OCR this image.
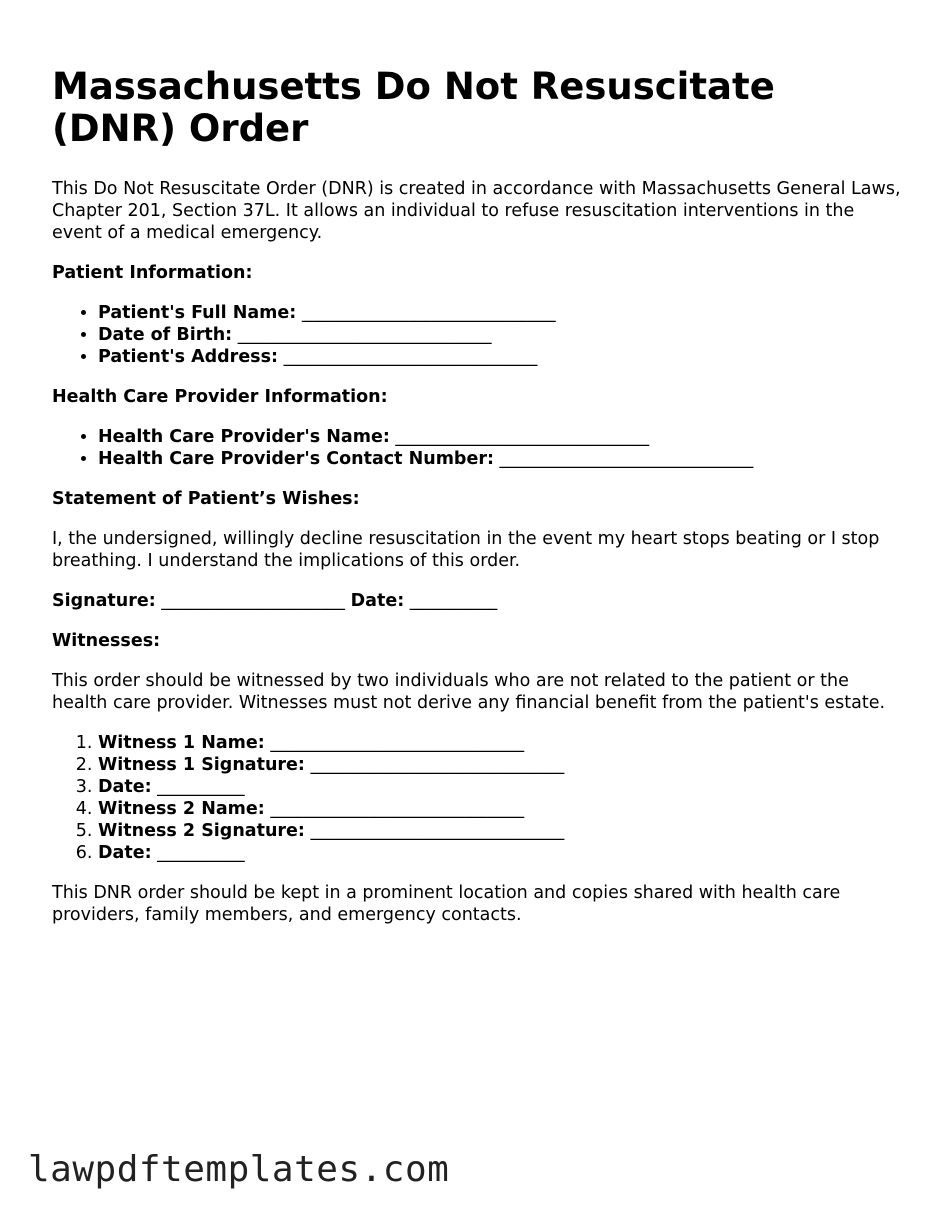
Massachusetts Do Not Resuscitate (DNR) Order

This Do Not Resuscitate Order (DNR) is created in accordance with Massachusetts General Laws, Chapter 201, Section 37L. It allows an individual to refuse resuscitation interventions in the event of a medical emergency.

Patient Information:
• Patient's Full Name: _____________________________
• Date of Birth: _____________________________
• Patient's Address: _____________________________
Health Care Provider Information:
• Health Care Provider's Name: _____________________________
• Health Care Provider's Contact Number: _____________________________
Statement of Patient’s Wishes:

I, the undersigned, willingly decline resuscitation in the event my heart stops beating or I stop breathing. I understand the implications of this order.

Signature: _____________________ Date: __________
Witnesses:

This order should be witnessed by two individuals who are not related to the patient or the health care provider. Witnesses must not derive any financial benefit from the patient's estate.

1. Witness 1 Name: _____________________________
2. Witness 1 Signature: _____________________________
3. Date: __________
4. Witness 2 Name: _____________________________
5. Witness 2 Signature: _____________________________
6. Date: __________

This DNR order should be kept in a prominent location and copies shared with health care providers, family members, and emergency contacts.

lawpdftemplates.com
